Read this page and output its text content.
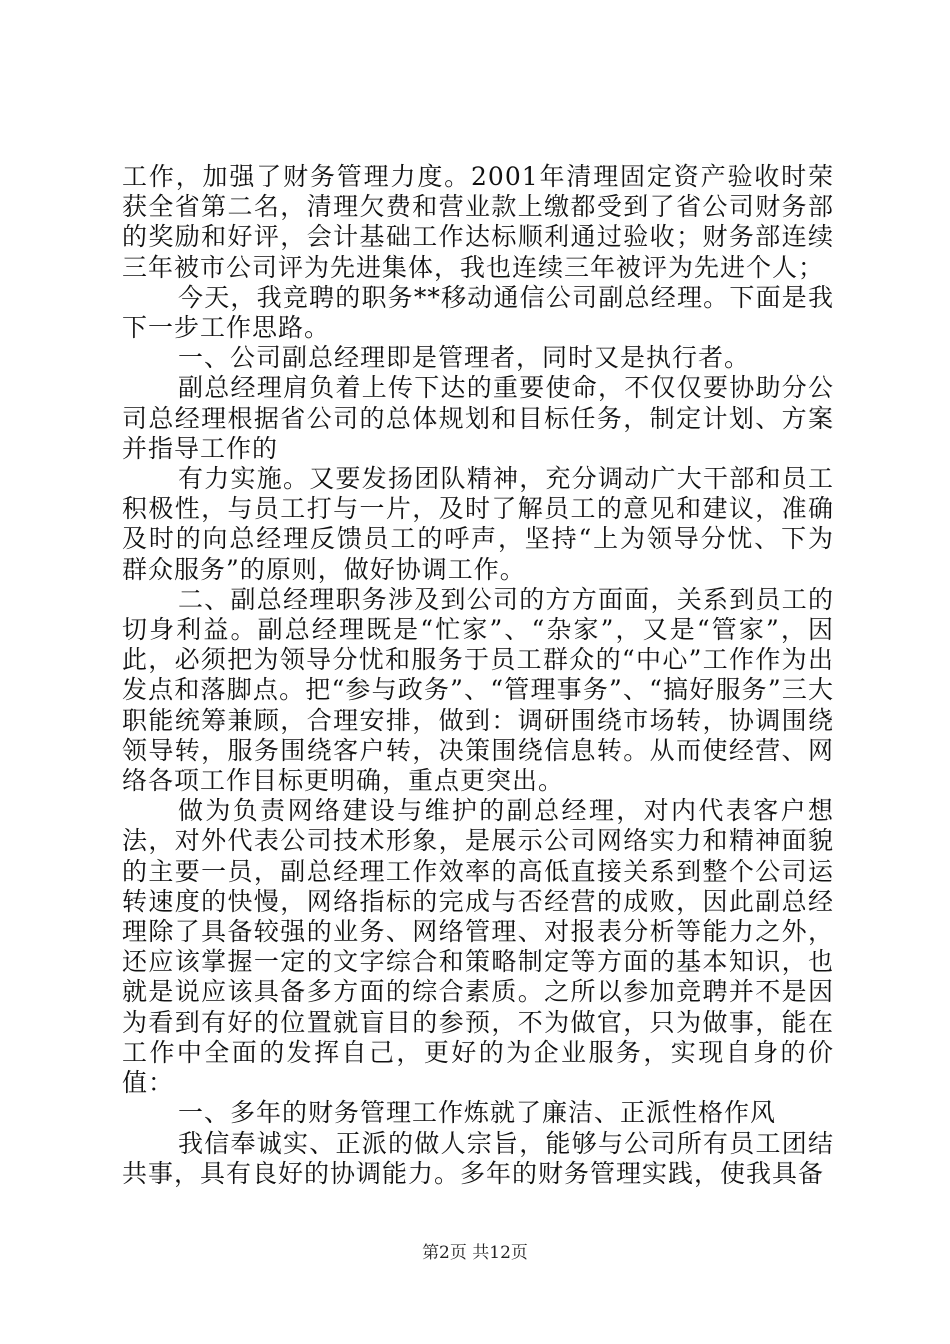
工作，加强了财务管理力度。2001年清理固定资产验收时荣获全省第二名，清理欠费和营业款上缴都受到了省公司财务部的奖励和好评，会计基础工作达标顺利通过验收；财务部连续三年被市公司评为先进集体，我也连续三年被评为先进个人；

今天，我竞聘的职务**移动通信公司副总经理。下面是我下一步工作思路。

一、公司副总经理即是管理者，同时又是执行者。

副总经理肩负着上传下达的重要使命，不仅仅要协助分公司总经理根据省公司的总体规划和目标任务，制定计划、方案并指导工作的

有力实施。又要发扬团队精神，充分调动广大干部和员工积极性，与员工打与一片，及时了解员工的意见和建议，准确及时的向总经理反馈员工的呼声，坚持“上为领导分忧、下为群众服务”的原则，做好协调工作。

二、副总经理职务涉及到公司的方方面面，关系到员工的切身利益。副总经理既是“忙家”、“杂家”，又是“管家”，因此，必须把为领导分忧和服务于员工群众的“中心”工作作为出发点和落脚点。把“参与政务”、“管理事务”、“搞好服务”三大职能统筹兼顾，合理安排，做到：调研围绕市场转，协调围绕领导转，服务围绕客户转，决策围绕信息转。从而使经营、网络各项工作目标更明确，重点更突出。

做为负责网络建设与维护的副总经理，对内代表客户想法，对外代表公司技术形象，是展示公司网络实力和精神面貌的主要一员，副总经理工作效率的高低直接关系到整个公司运转速度的快慢，网络指标的完成与否经营的成败，因此副总经理除了具备较强的业务、网络管理、对报表分析等能力之外，还应该掌握一定的文字综合和策略制定等方面的基本知识，也就是说应该具备多方面的综合素质。之所以参加竞聘并不是因为看到有好的位置就盲目的参预，不为做官，只为做事，能在工作中全面的发挥自己，更好的为企业服务，实现自身的价值：

一、多年的财务管理工作炼就了廉洁、正派性格作风

我信奉诚实、正派的做人宗旨，能够与公司所有员工团结共事，具有良好的协调能力。多年的财务管理实践，使我具备

第2页 共12页
